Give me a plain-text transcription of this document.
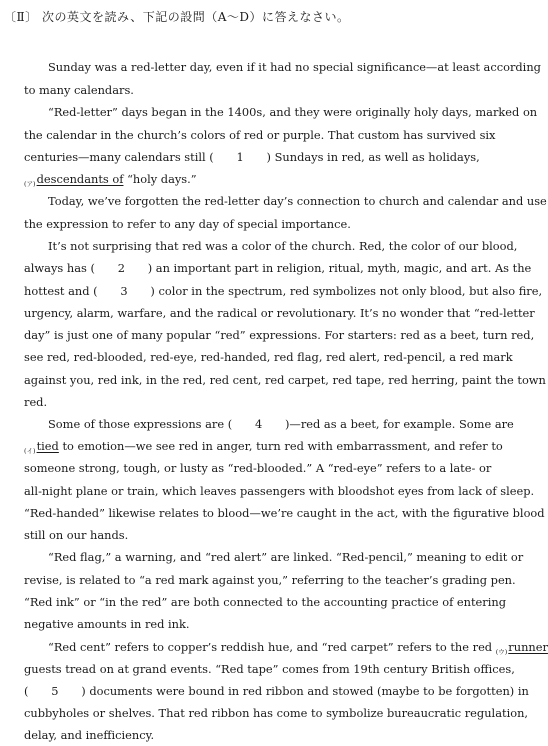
〔Ⅱ〕 次の英文を読み、下記の設問（A～D）に答えなさい。
Sunday was a red-letter day, even if it had no special significance—at least according
to many calendars.
“Red-letter” days began in the 1400s, and they were originally holy days, marked on
the calendar in the church’s colors of red or purple. That custom has survived six
centuries—many calendars still (　　1　　) Sundays in red, as well as holidays,
$_{(ア)}$descendants of “holy days.”
Today, we’ve forgotten the red-letter day’s connection to church and calendar and use
the expression to refer to any day of special importance.
It’s not surprising that red was a color of the church. Red, the color of our blood,
always has (　　2　　) an important part in religion, ritual, myth, magic, and art. As the
hottest and (　　3　　) color in the spectrum, red symbolizes not only blood, but also fire,
urgency, alarm, warfare, and the radical or revolutionary. It’s no wonder that “red-letter
day” is just one of many popular “red” expressions. For starters: red as a beet, turn red,
see red, red-blooded, red-eye, red-handed, red flag, red alert, red-pencil, a red mark
against you, red ink, in the red, red cent, red carpet, red tape, red herring, paint the town
red.
Some of those expressions are (　　4　　)—red as a beet, for example. Some are
$_{(イ)}$tied to emotion—we see red in anger, turn red with embarrassment, and refer to
someone strong, tough, or lusty as “red-blooded.” A “red-eye” refers to a late- or
all-night plane or train, which leaves passengers with bloodshot eyes from lack of sleep.
“Red-handed” likewise relates to blood—we’re caught in the act, with the figurative blood
still on our hands.
“Red flag,” a warning, and “red alert” are linked. “Red-pencil,” meaning to edit or
revise, is related to “a red mark against you,” referring to the teacher’s grading pen.
“Red ink” or “in the red” are both connected to the accounting practice of entering
negative amounts in red ink.
“Red cent” refers to copper’s reddish hue, and “red carpet” refers to the red $_{(ウ)}$runner
guests tread on at grand events. “Red tape” comes from 19th century British offices,
(　　5　　) documents were bound in red ribbon and stowed (maybe to be forgotten) in
cubbyholes or shelves. That red ribbon has come to symbolize bureaucratic regulation,
delay, and inefficiency.
